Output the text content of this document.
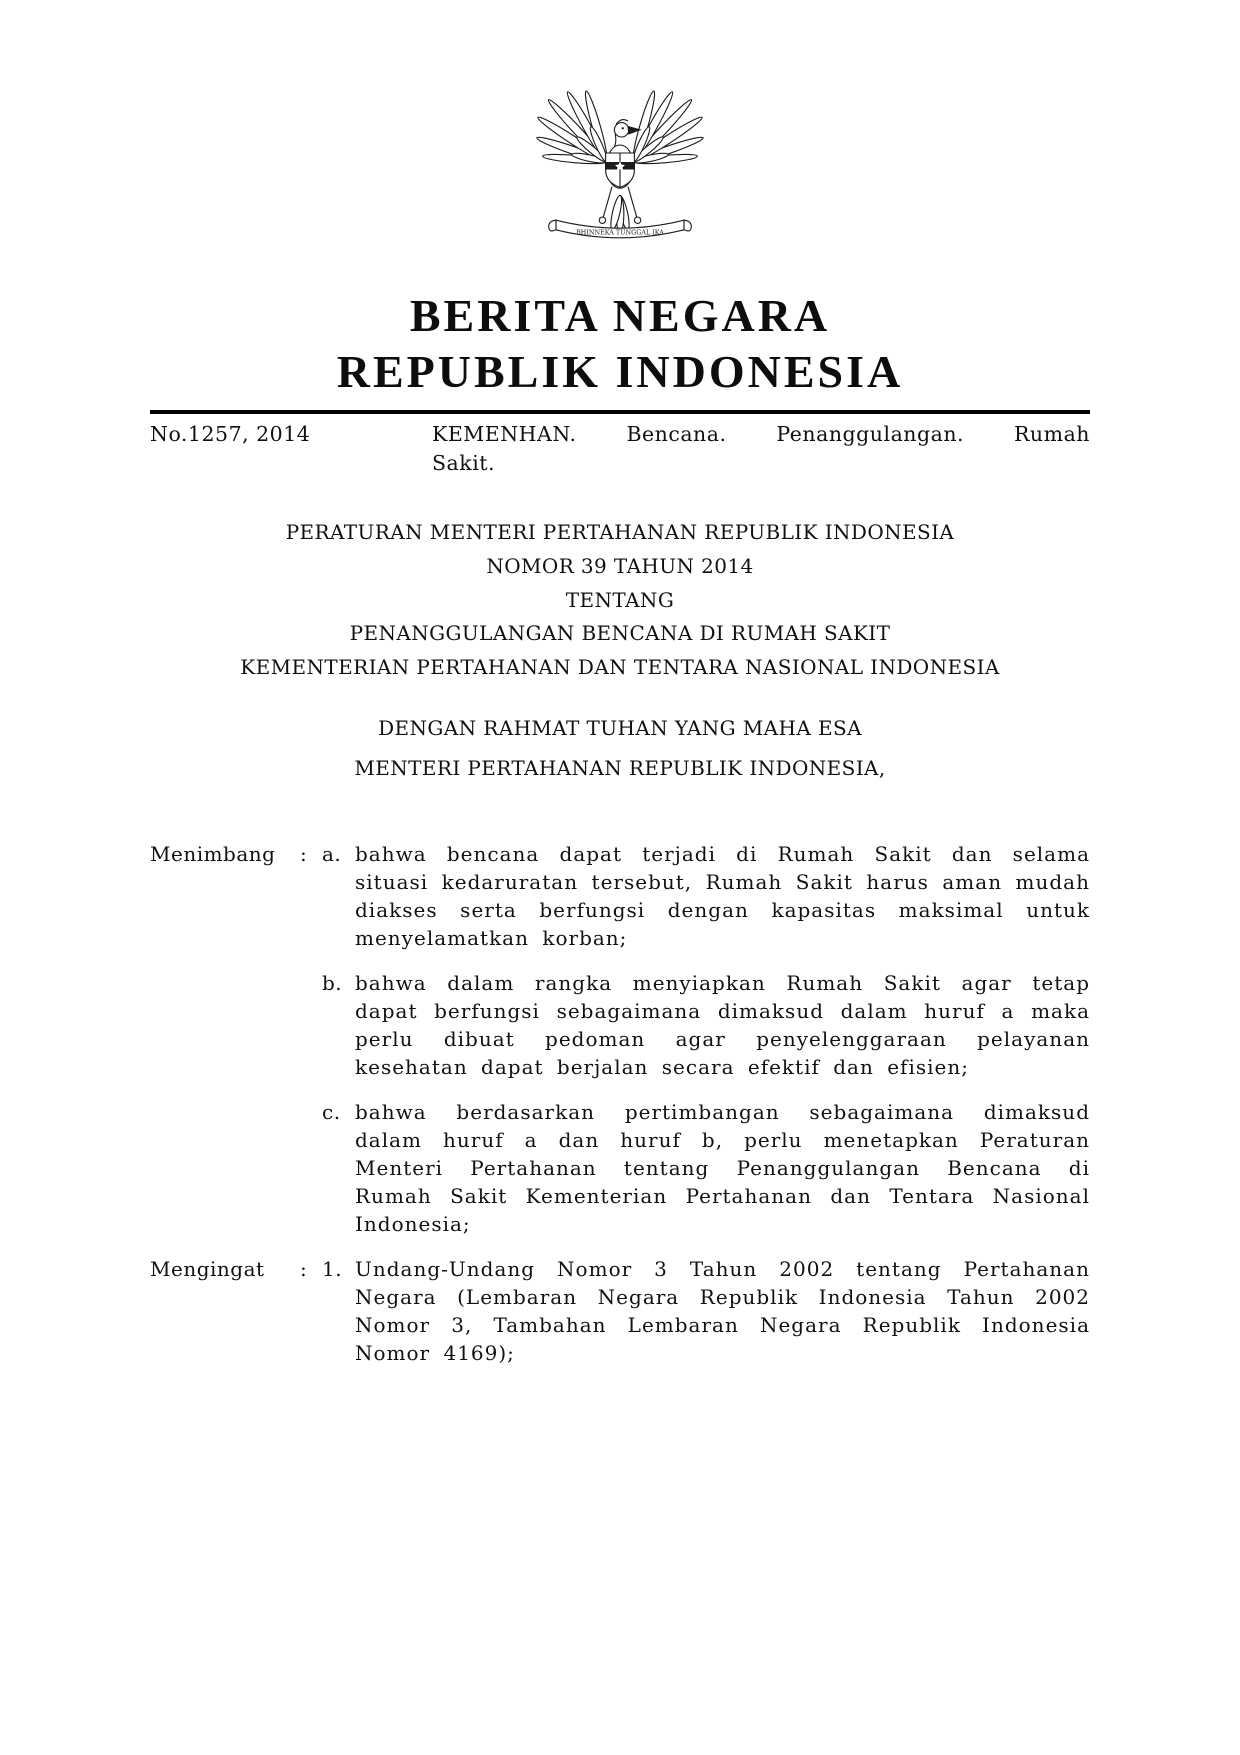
BHINNEKA TUNGGAL IKA
BERITA NEGARA
REPUBLIK INDONESIA
No.1257, 2014	KEMENHAN. Bencana. Penanggulangan. Rumah
Sakit.
PERATURAN MENTERI PERTAHANAN REPUBLIK INDONESIA
NOMOR 39 TAHUN 2014
TENTANG
PENANGGULANGAN BENCANA DI RUMAH SAKIT
KEMENTERIAN PERTAHANAN DAN TENTARA NASIONAL INDONESIA
DENGAN RAHMAT TUHAN YANG MAHA ESA
MENTERI PERTAHANAN REPUBLIK INDONESIA,
Menimbang	: a. bahwa bencana dapat terjadi di Rumah Sakit dan selama situasi kedaruratan tersebut, Rumah Sakit harus aman mudah diakses serta berfungsi dengan kapasitas maksimal untuk menyelamatkan korban;
b. bahwa dalam rangka menyiapkan Rumah Sakit agar tetap dapat berfungsi sebagaimana dimaksud dalam huruf a maka perlu dibuat pedoman agar penyelenggaraan pelayanan kesehatan dapat berjalan secara efektif dan efisien;
c. bahwa berdasarkan pertimbangan sebagaimana dimaksud dalam huruf a dan huruf b, perlu menetapkan Peraturan Menteri Pertahanan tentang Penanggulangan Bencana di Rumah Sakit Kementerian Pertahanan dan Tentara Nasional Indonesia;
Mengingat	: 1. Undang-Undang Nomor 3 Tahun 2002 tentang Pertahanan Negara (Lembaran Negara Republik Indonesia Tahun 2002 Nomor 3, Tambahan Lembaran Negara Republik Indonesia Nomor 4169);
